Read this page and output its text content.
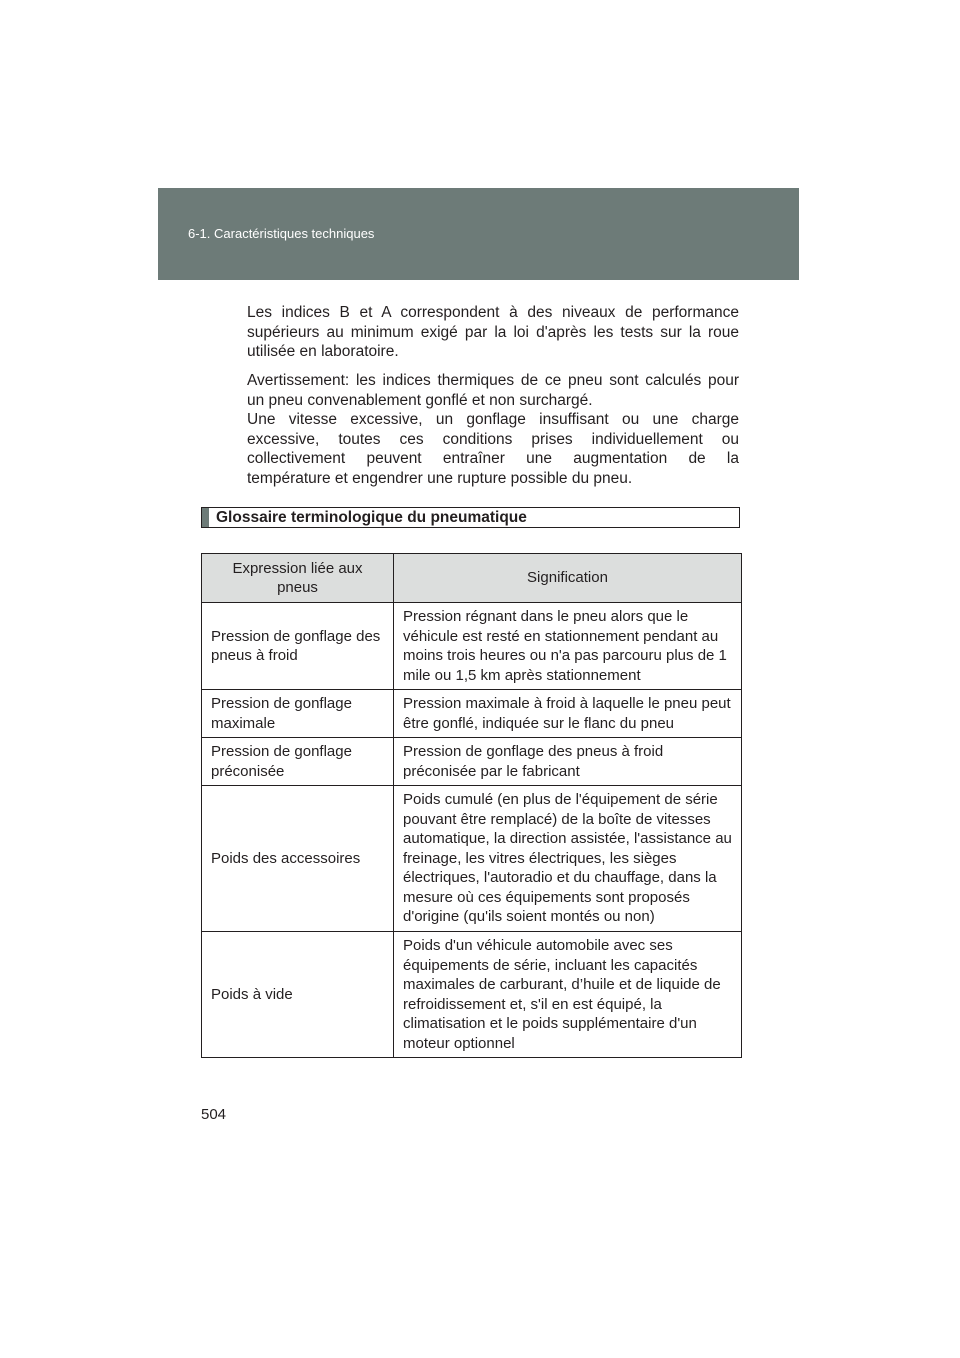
6-1. Caractéristiques techniques

Les indices B et A correspondent à des niveaux de performance
supérieurs au minimum exigé par la loi d'après les tests sur la roue
utilisée en laboratoire.

Avertissement: les indices thermiques de ce pneu sont calculés pour
un pneu convenablement gonflé et non surchargé.
Une vitesse excessive, un gonflage insuffisant ou une charge
excessive, toutes ces conditions prises individuellement ou
collectivement peuvent entraîner une augmentation de la
température et engendrer une rupture possible du pneu.

Glossaire terminologique du pneumatique
Expression liée aux
pneus	Signification
Pression de gonflage des pneus à froid	Pression régnant dans le pneu alors que le véhicule est resté en stationnement pendant au moins trois heures ou n'a pas parcouru plus de 1 mile ou 1,5 km après stationnement
Pression de gonflage maximale	Pression maximale à froid à laquelle le pneu peut être gonflé, indiquée sur le flanc du pneu
Pression de gonflage préconisée	Pression de gonflage des pneus à froid préconisée par le fabricant
Poids des accessoires	Poids cumulé (en plus de l'équipement de série pouvant être remplacé) de la boîte de vitesses automatique, la direction assistée, l'assistance au freinage, les vitres électriques, les sièges électriques, l'autoradio et du chauffage, dans la mesure où ces équipements sont proposés d'origine (qu'ils soient montés ou non)
Poids à vide	Poids d'un véhicule automobile avec ses équipements de série, incluant les capacités maximales de carburant, d’huile et de liquide de refroidissement et, s'il en est équipé, la climatisation et le poids supplémentaire d'un moteur optionnel
504
